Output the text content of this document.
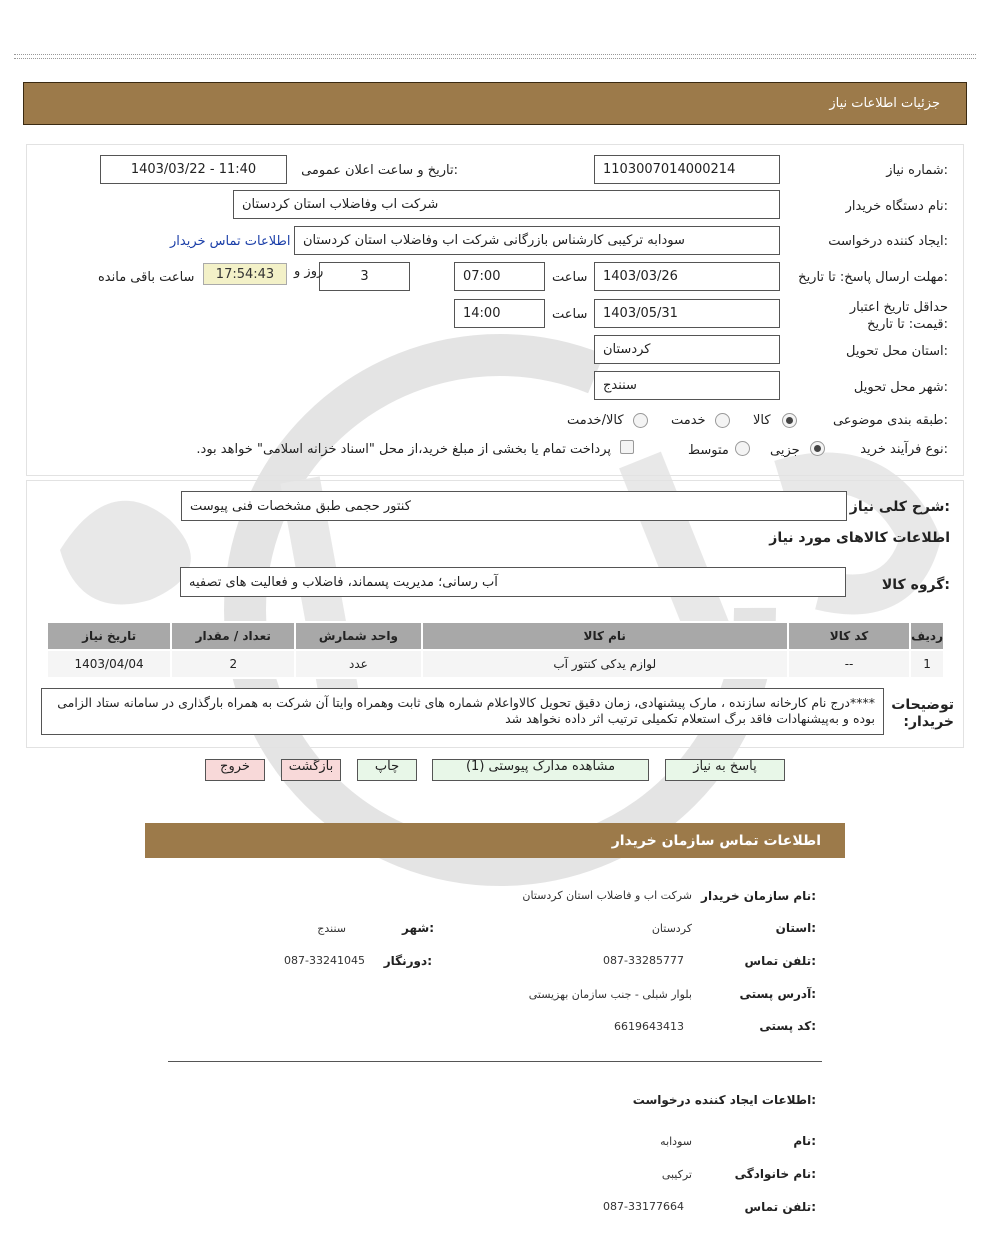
جزئیات اطلاعات نیاز
شماره نیاز:
1103007014000214
تاریخ و ساعت اعلان عمومی:
1403/03/22 - 11:40
نام دستگاه خریدار:
شرکت اب وفاضلاب استان کردستان
ایجاد کننده درخواست:
سودابه ترکیبی کارشناس بازرگانی شرکت اب وفاضلاب استان کردستان
اطلاعات تماس خریدار
مهلت ارسال پاسخ: تا تاریخ:
1403/03/26
ساعت
07:00
3
روز و
17:54:43
ساعت باقی مانده
حداقل تاریخ اعتبار قیمت: تا تاریخ:
1403/05/31
ساعت
14:00
استان محل تحویل:
کردستان
شهر محل تحویل:
سنندج
طبقه بندی موضوعی:
کالا
خدمت
کالا/خدمت
نوع فرآیند خرید:
جزیی
متوسط
پرداخت تمام یا بخشی از مبلغ خرید،از محل "اسناد خزانه اسلامی" خواهد بود.
شرح کلی نیاز:
کنتور حجمی طبق مشخصات فنی پیوست
اطلاعات کالاهای مورد نیاز
گروه کالا:
آب رسانی؛ مدیریت پسماند، فاضلاب و فعالیت های تصفیه
ردیف	کد کالا	نام کالا	واحد شمارش	تعداد / مقدار	تاریخ نیاز
1	--	لوازم یدکی کنتور آب	عدد	2	1403/04/04
توضیحات خریدار:
****درج نام کارخانه سازنده ، مارک پیشنهادی، زمان دقیق تحویل کالاواعلام شماره های ثابت وهمراه وایتا آن شرکت به همراه بارگذاری در سامانه ستاد الزامی بوده و به‌پیشنهادات فاقد برگ استعلام تکمیلی ترتیب اثر داده نخواهد شد
پاسخ به نیاز
مشاهده مدارک پیوستی (1)
چاپ
بازگشت
خروج
اطلاعات تماس سازمان خریدار
نام سازمان خریدار:
شرکت اب و فاضلاب استان کردستان
استان:
کردستان
شهر:
سنندج
تلفن تماس:
087-33285777
دورنگار:
087-33241045
آدرس پستی:
بلوار شبلی - جنب سازمان بهزیستی
کد پستی:
6619643413
اطلاعات ایجاد کننده درخواست:
نام:
سودابه
نام خانوادگی:
ترکیبی
تلفن تماس:
087-33177664
